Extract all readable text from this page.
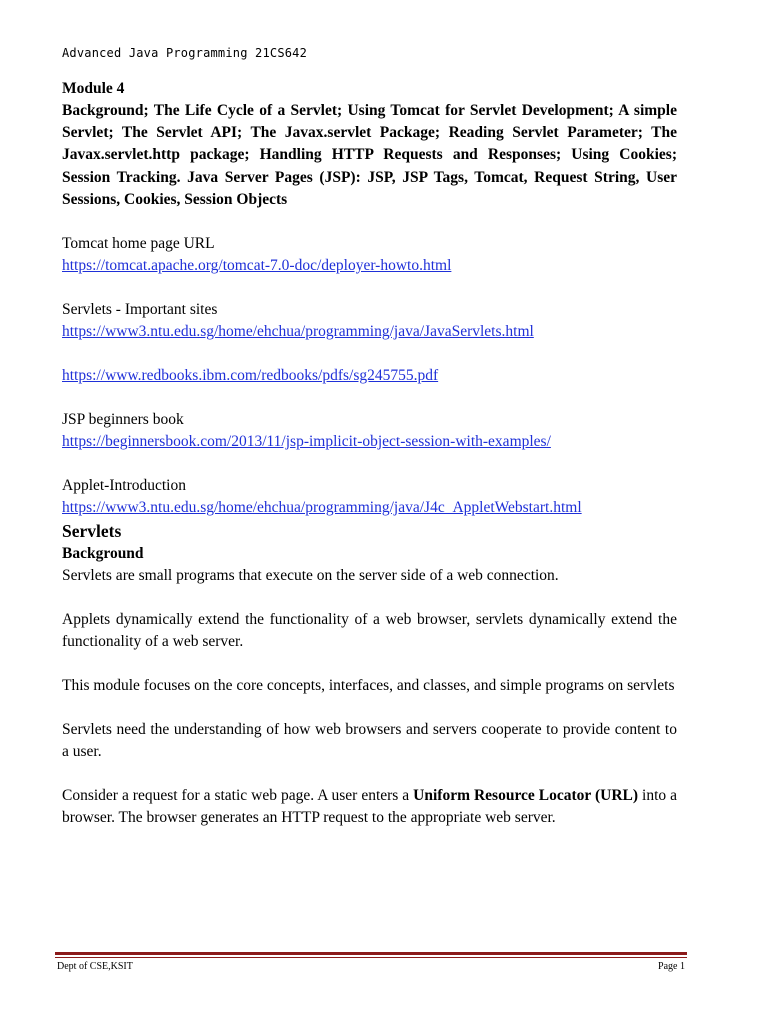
Advanced Java Programming 21CS642

Module 4

Background; The Life Cycle of a Servlet; Using Tomcat for Servlet Development; A simple Servlet; The Servlet API; The Javax.servlet Package; Reading Servlet Parameter; The Javax.servlet.http package; Handling HTTP Requests and Responses; Using Cookies; Session Tracking. Java Server Pages (JSP): JSP, JSP Tags, Tomcat, Request String, User Sessions, Cookies, Session Objects

Tomcat home page URL

https://tomcat.apache.org/tomcat-7.0-doc/deployer-howto.html

Servlets - Important sites

https://www3.ntu.edu.sg/home/ehchua/programming/java/JavaServlets.html
https://www.redbooks.ibm.com/redbooks/pdfs/sg245755.pdf

JSP beginners book

https://beginnersbook.com/2013/11/jsp-implicit-object-session-with-examples/

Applet-Introduction

https://www3.ntu.edu.sg/home/ehchua/programming/java/J4c_AppletWebstart.html

Servlets

Background

Servlets are small programs that execute on the server side of a web connection.

Applets dynamically extend the functionality of a web browser, servlets dynamically extend the functionality of a web server.

This module focuses on the core concepts, interfaces, and classes, and simple programs on servlets

Servlets need the understanding of how web browsers and servers cooperate to provide content to a user.

Consider a request for a static web page. A user enters a Uniform Resource Locator (URL) into a browser. The browser generates an HTTP request to the appropriate web server.

Dept of CSE,KSIT	Page 1
